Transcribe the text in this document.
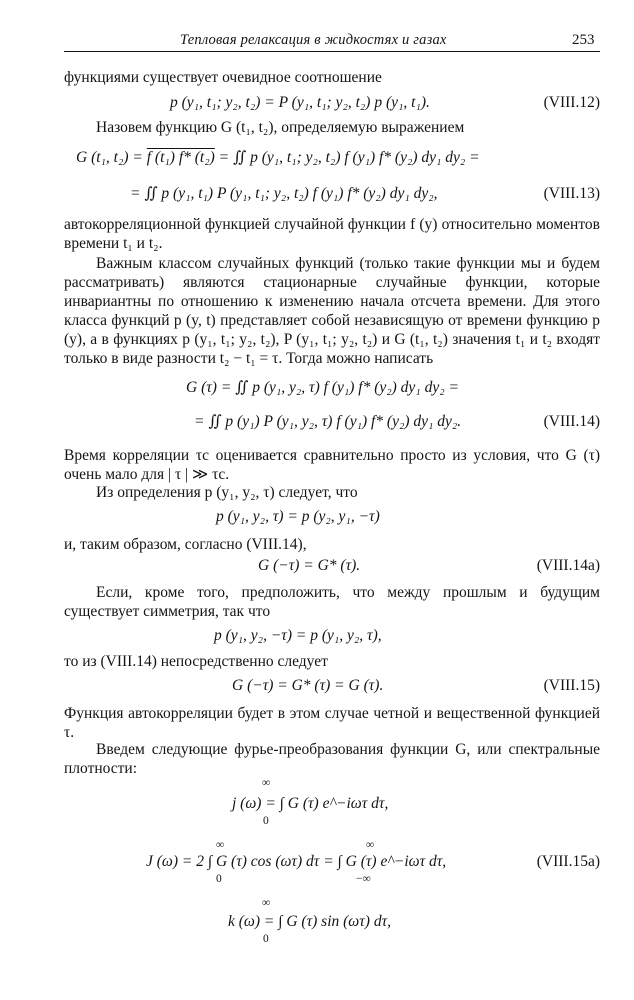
Тепловая релаксация в жидкостях и газах	253
функциями существует очевидное соотношение
p (y₁, t₁; y₂, t₂) = P (y₁, t₁; y₂, t₂) p (y₁, t₁).	(VIII.12)
Назовем функцию G (t₁, t₂), определяемую выражением
G (t₁, t₂) = f (t₁) f* (t₂) = ∬ p (y₁, t₁; y₂, t₂) f (y₁) f* (y₂) dy₁ dy₂ =
= ∬ p (y₁, t₁) P (y₁, t₁; y₂, t₂) f (y₁) f* (y₂) dy₁ dy₂,	(VIII.13)
автокорреляционной функцией случайной функции f (y) относительно моментов времени t₁ и t₂.
Важным классом случайных функций (только такие функции мы и будем рассматривать) являются стационарные случайные функции, которые инвариантны по отношению к изменению начала отсчета времени. Для этого класса функций p (y, t) представляет собой независящую от времени функцию p (y), а в функциях p (y₁, t₁; y₂, t₂), P (y₁, t₁; y₂, t₂) и G (t₁, t₂) значения t₁ и t₂ входят только в виде разности t₂ − t₁ = τ. Тогда можно написать
G (τ) = ∬ p (y₁, y₂, τ) f (y₁) f* (y₂) dy₁ dy₂ =
= ∬ p (y₁) P (y₁, y₂, τ) f (y₁) f* (y₂) dy₁ dy₂.	(VIII.14)
Время корреляции τc оценивается сравнительно просто из условия, что G (τ) очень мало для | τ | ≫ τc.
Из определения p (y₁, y₂, τ) следует, что
p (y₁, y₂, τ) = p (y₂, y₁, −τ)
и, таким образом, согласно (VIII.14),
G (−τ) = G* (τ).	(VIII.14a)
Если, кроме того, предположить, что между прошлым и будущим существует симметрия, так что
p (y₁, y₂, −τ) = p (y₁, y₂, τ),
то из (VIII.14) непосредственно следует
G (−τ) = G* (τ) = G (τ).	(VIII.15)
Функция автокорреляции будет в этом случае четной и вещественной функцией τ.
Введем следующие фурье-преобразования функции G, или спектральные плотности:
∞
j (ω) = ∫ G (τ) e^−iωτ dτ,
0
∞	∞
J (ω) = 2 ∫ G (τ) cos (ωτ) dτ = ∫ G (τ) e^−iωτ dτ,	(VIII.15a)
0	−∞
∞
k (ω) = ∫ G (τ) sin (ωτ) dτ,
0
